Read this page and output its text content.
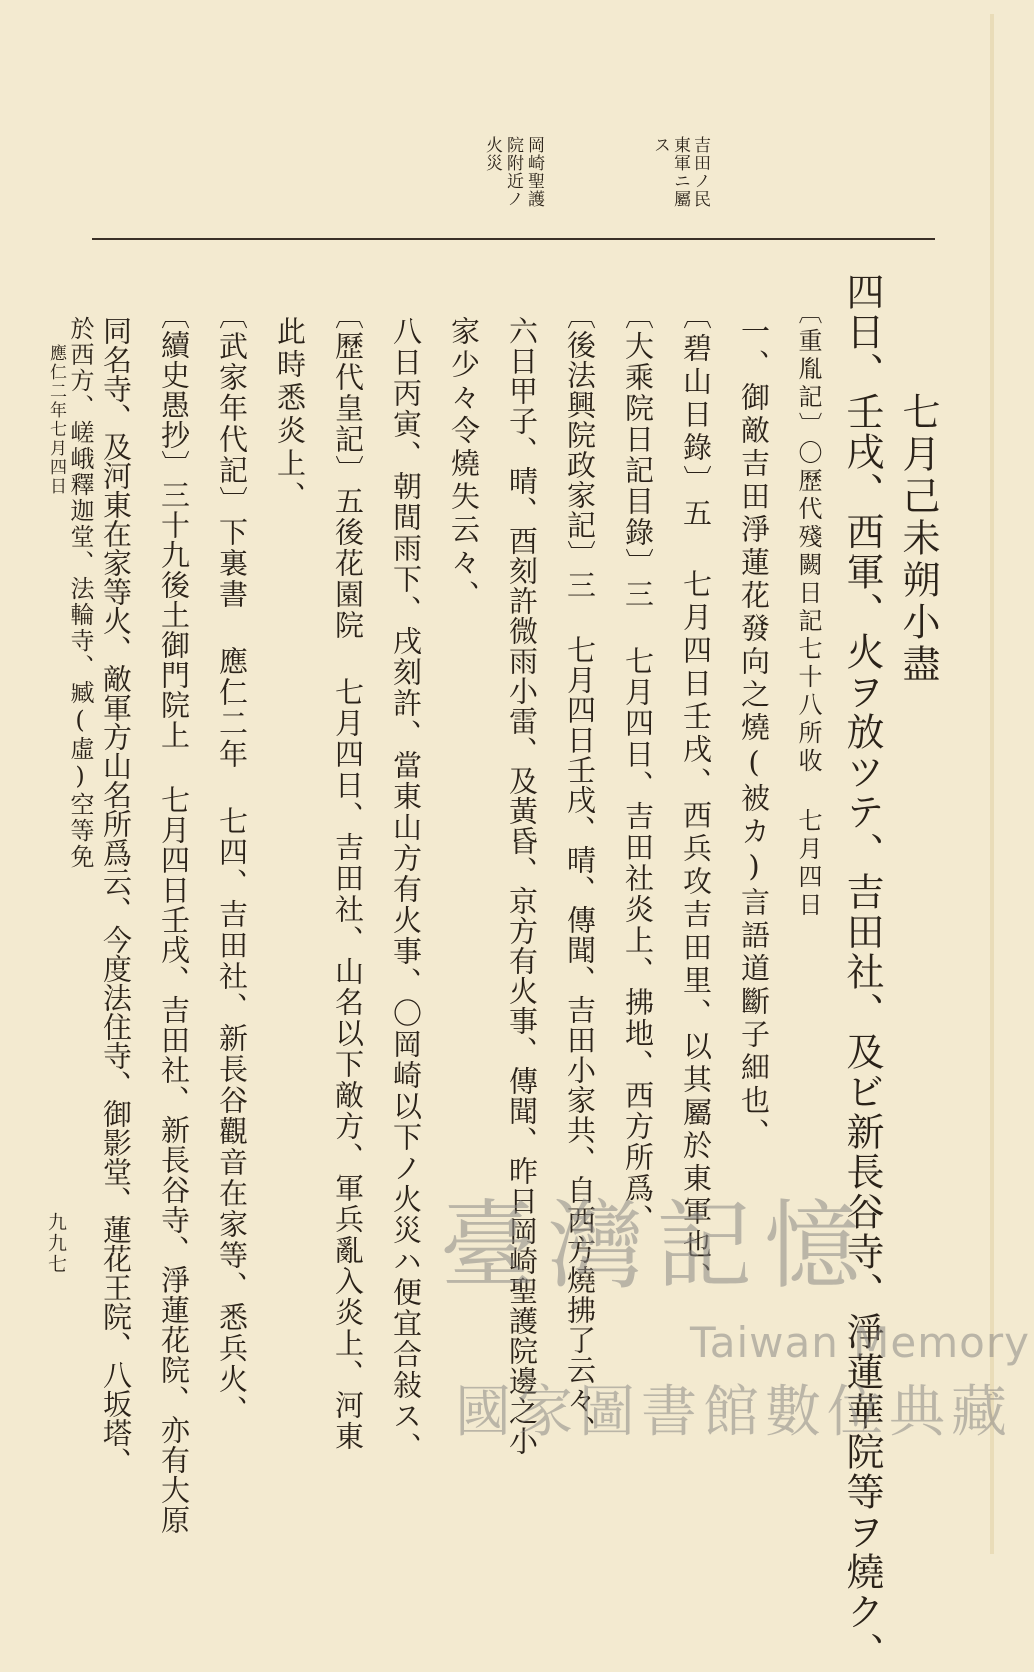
吉田ノ民
東軍ニ屬
ス
岡崎聖護
院附近ノ
火災
七月己未朔小盡
四日、壬戌、西軍、火ヲ放ツテ、吉田社、及ビ新長谷寺、淨蓮華院等ヲ燒ク、
〔重胤記〕〇歷代殘闕日記七十八所收 七月四日
一、御敵吉田淨蓮花發向之燒(被カ)言語道斷子細也、
〔碧山日錄〕五 七月四日壬戌、西兵攻吉田里、以其屬於東軍也、
〔大乘院日記目錄〕三 七月四日、吉田社炎上、拂地、西方所爲、
〔後法興院政家記〕三 七月四日壬戌、晴、傳聞、吉田小家共、自西方燒拂了云々、
六日甲子、晴、酉刻許微雨小雷、及黃昏、京方有火事、傳聞、昨日岡崎聖護院邊之小
家少々令燒失云々、
八日丙寅、朝間雨下、戌刻許、當東山方有火事、〇岡崎以下ノ火災ハ便宜合敍ス、
〔歷代皇記〕五後花園院 七月四日、吉田社、山名以下敵方、軍兵亂入炎上、河東
此時悉炎上、
〔武家年代記〕下裏書 應仁二年 七四、吉田社、新長谷觀音在家等、悉兵火、
〔續史愚抄〕三十九後土御門院上 七月四日壬戌、吉田社、新長谷寺、淨蓮花院、亦有大原
同名寺、及河東在家等火、敵軍方山名所爲云、今度法住寺、御影堂、蓮花王院、八坂塔、
於西方、嵯峨釋迦堂、法輪寺、臧(虛)空等免
應仁二年七月四日
九九七	臺灣記憶
Taiwan Memory
國家圖書館數位典藏
